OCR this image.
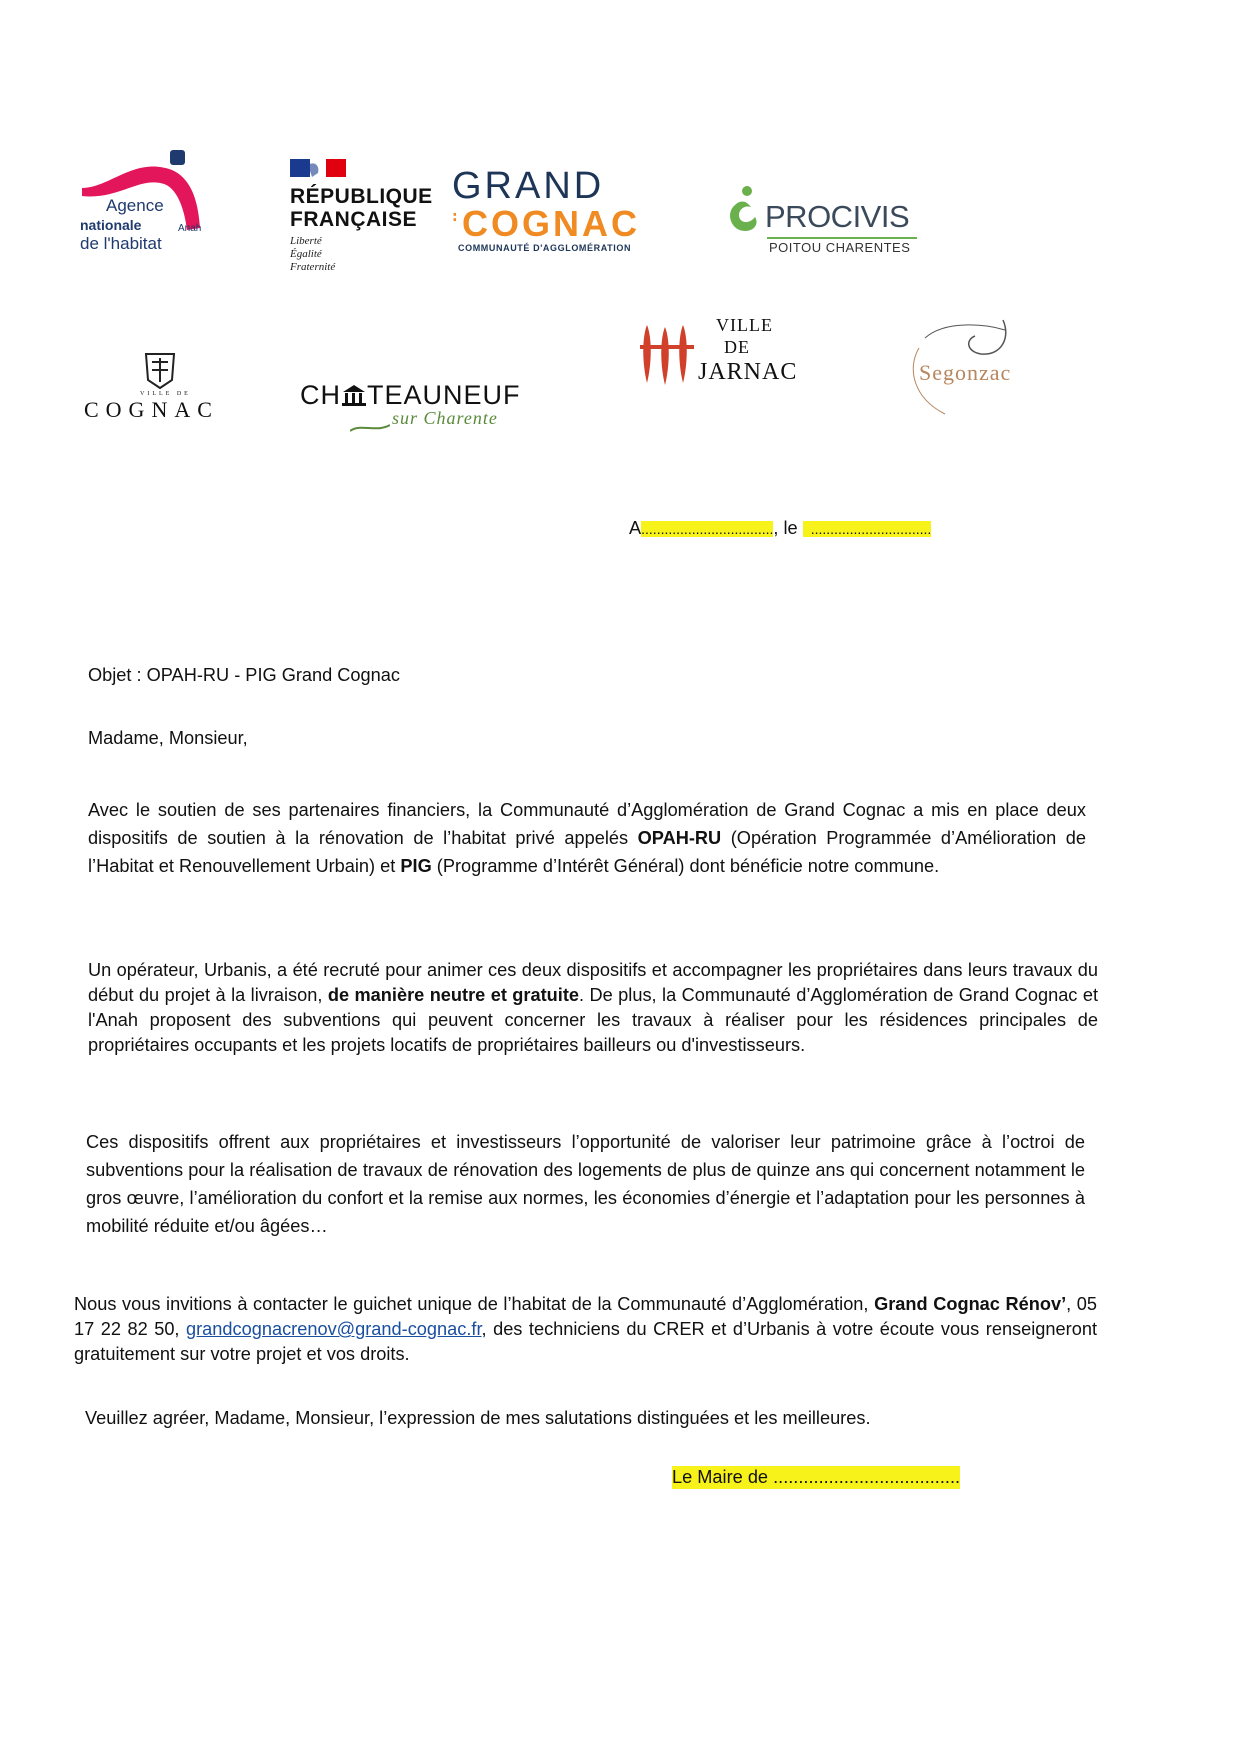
Agence
nationale	Anah
de l'habitat
RÉPUBLIQUE
FRANÇAISE
Liberté
Égalité
Fraternité
GRAND
: COGNAC
COMMUNAUTÉ D'AGGLOMÉRATION
PROCIVIS
POITOU CHARENTES
VILLE DE
COGNAC	CH TEAUNEUF
sur Charente
VILLE
DE
JARNAC	Segonzac
A.................................., le ...............................
Objet : OPAH-RU - PIG Grand Cognac
Madame, Monsieur,
Avec le soutien de ses partenaires financiers, la Communauté d’Agglomération de Grand Cognac a mis en place deux dispositifs de soutien à la rénovation de l’habitat privé appelés OPAH-RU (Opération Programmée d’Amélioration de l’Habitat et Renouvellement Urbain) et PIG (Programme d’Intérêt Général) dont bénéficie notre commune.
Un opérateur, Urbanis, a été recruté pour animer ces deux dispositifs et accompagner les propriétaires dans leurs travaux du début du projet à la livraison, de manière neutre et gratuite. De plus, la Communauté d’Agglomération de Grand Cognac et l'Anah proposent des subventions qui peuvent concerner les travaux à réaliser pour les résidences principales de propriétaires occupants et les projets locatifs de propriétaires bailleurs ou d'investisseurs.
Ces dispositifs offrent aux propriétaires et investisseurs l’opportunité de valoriser leur patrimoine grâce à l’octroi de subventions pour la réalisation de travaux de rénovation des logements de plus de quinze ans qui concernent notamment le gros œuvre, l’amélioration du confort et la remise aux normes, les économies d’énergie et l’adaptation pour les personnes à mobilité réduite et/ou âgées…
Nous vous invitions à contacter le guichet unique de l’habitat de la Communauté d’Agglomération, Grand Cognac Rénov’, 05 17 22 82 50, grandcognacrenov@grand-cognac.fr, des techniciens du CRER et d’Urbanis à votre écoute vous renseigneront gratuitement sur votre projet et vos droits.
Veuillez agréer, Madame, Monsieur, l’expression de mes salutations distinguées et les meilleures.
Le Maire de .....................................
